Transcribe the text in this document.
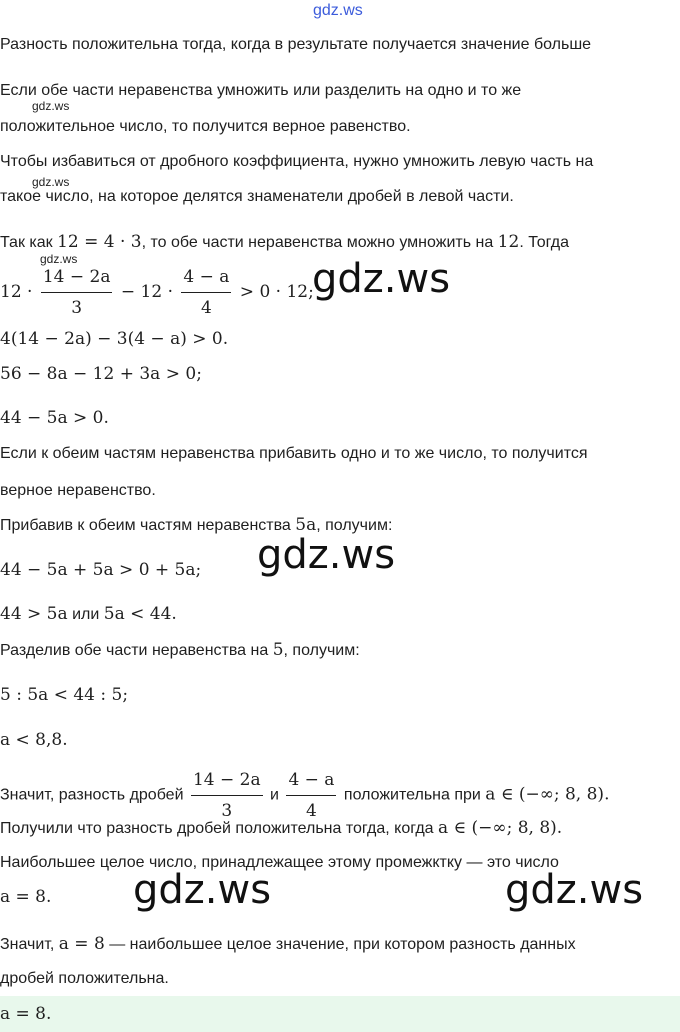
gdz.ws
Разность положительна тогда, когда в результате получается значение больше
Если обе части неравенства умножить или разделить на одно и то же
gdz.ws
положительное число, то получится верное равенство.
Чтобы избавиться от дробного коэффициента, нужно умножить левую часть на
gdz.ws
такое число, на которое делятся знаменатели дробей в левой части.
Так как 12 = 4 · 3, то обе части неравенства можно умножить на 12. Тогда
gdz.ws
$12 \cdot \frac{14 - 2a}{3} - 12 \cdot \frac{4 - a}{4} > 0 \cdot 12$;
gdz.ws
4(14 − 2a) − 3(4 − a) > 0.
56 − 8a − 12 + 3a > 0;
44 − 5a > 0.
Если к обеим частям неравенства прибавить одно и то же число, то получится
верное неравенство.
Прибавив к обеим частям неравенства 5a, получим:
44 − 5a + 5a > 0 + 5a; gdz.ws
44 > 5a или 5a < 44.
Разделив обе части неравенства на 5, получим:
5 : 5a < 44 : 5;
a < 8,8.
Значит, разность дробей $\frac{14 - 2a}{3}$ и $\frac{4 - a}{4}$ положительна при a ∈ (−∞; 8, 8).
Получили что разность дробей положительна тогда, когда a ∈ (−∞; 8, 8).
Наибольшее целое число, принадлежащее этому промежктку — это число
a = 8. gdz.ws	gdz.ws
Значит, a = 8 — наибольшее целое значение, при котором разность данных
дробей положительна.
a = 8.
